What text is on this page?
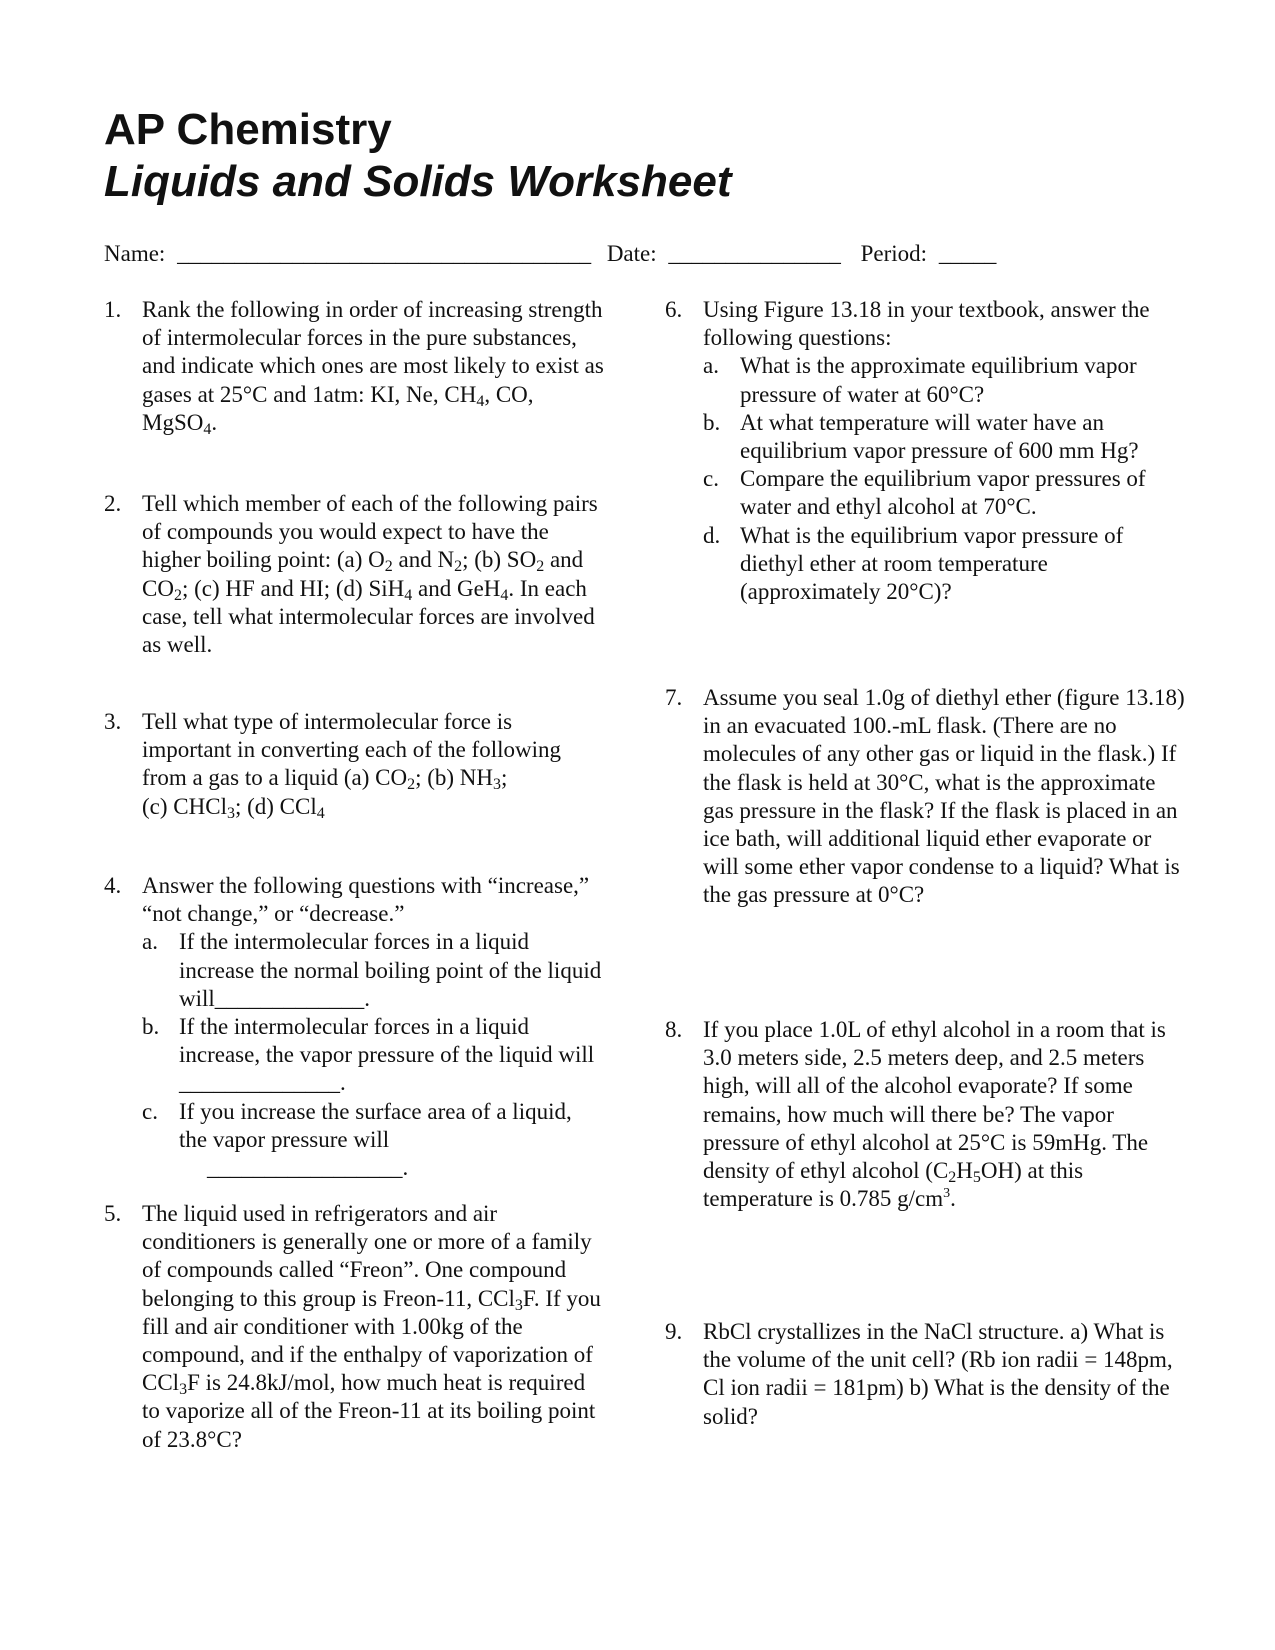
AP Chemistry
Liquids and Solids Worksheet
Name: ____________________________________ Date: _______________ Period: _____
1. Rank the following in order of increasing strength of intermolecular forces in the pure substances, and indicate which ones are most likely to exist as gases at 25°C and 1atm: KI, Ne, $CH_4$, CO, MgSO$_4$.
2. Tell which member of each of the following pairs of compounds you would expect to have the higher boiling point: (a) $O_2$ and $N_2$; (b) $SO_2$ and $CO_2$; (c) HF and HI; (d) SiH$_4$ and GeH$_4$. In each case, tell what intermolecular forces are involved as well.
3. Tell what type of intermolecular force is important in converting each of the following from a gas to a liquid (a) $CO_2$; (b) $NH_3$;
(c) CHCl$_3$; (d) CCl$_4$
4. Answer the following questions with “increase,” “not change,” or “decrease.”
a. If the intermolecular forces in a liquid increase the normal boiling point of the liquid will_____________.
b. If the intermolecular forces in a liquid increase, the vapor pressure of the liquid will ______________.
c. If you increase the surface area of a liquid, the vapor pressure will
_________________.
5. The liquid used in refrigerators and air conditioners is generally one or more of a family of compounds called “Freon”. One compound belonging to this group is Freon-11, CCl$_3$F. If you fill and air conditioner with 1.00kg of the compound, and if the enthalpy of vaporization of CCl$_3$F is 24.8kJ/mol, how much heat is required to vaporize all of the Freon-11 at its boiling point of 23.8°C?
6. Using Figure 13.18 in your textbook, answer the following questions:
a. What is the approximate equilibrium vapor pressure of water at 60°C?
b. At what temperature will water have an equilibrium vapor pressure of 600 mm Hg?
c. Compare the equilibrium vapor pressures of water and ethyl alcohol at 70°C.
d. What is the equilibrium vapor pressure of diethyl ether at room temperature (approximately 20°C)?
7. Assume you seal 1.0g of diethyl ether (figure 13.18) in an evacuated 100.-mL flask. (There are no molecules of any other gas or liquid in the flask.) If the flask is held at 30°C, what is the approximate gas pressure in the flask? If the flask is placed in an ice bath, will additional liquid ether evaporate or will some ether vapor condense to a liquid? What is the gas pressure at 0°C?
8. If you place 1.0L of ethyl alcohol in a room that is 3.0 meters side, 2.5 meters deep, and 2.5 meters high, will all of the alcohol evaporate? If some remains, how much will there be? The vapor pressure of ethyl alcohol at 25°C is 59mHg. The density of ethyl alcohol $(C_2H_5OH)$ at this temperature is 0.785 $g/cm^3$.
9. RbCl crystallizes in the NaCl structure. a) What is the volume of the unit cell? (Rb ion radii = 148pm, Cl ion radii = 181pm) b) What is the density of the solid?
